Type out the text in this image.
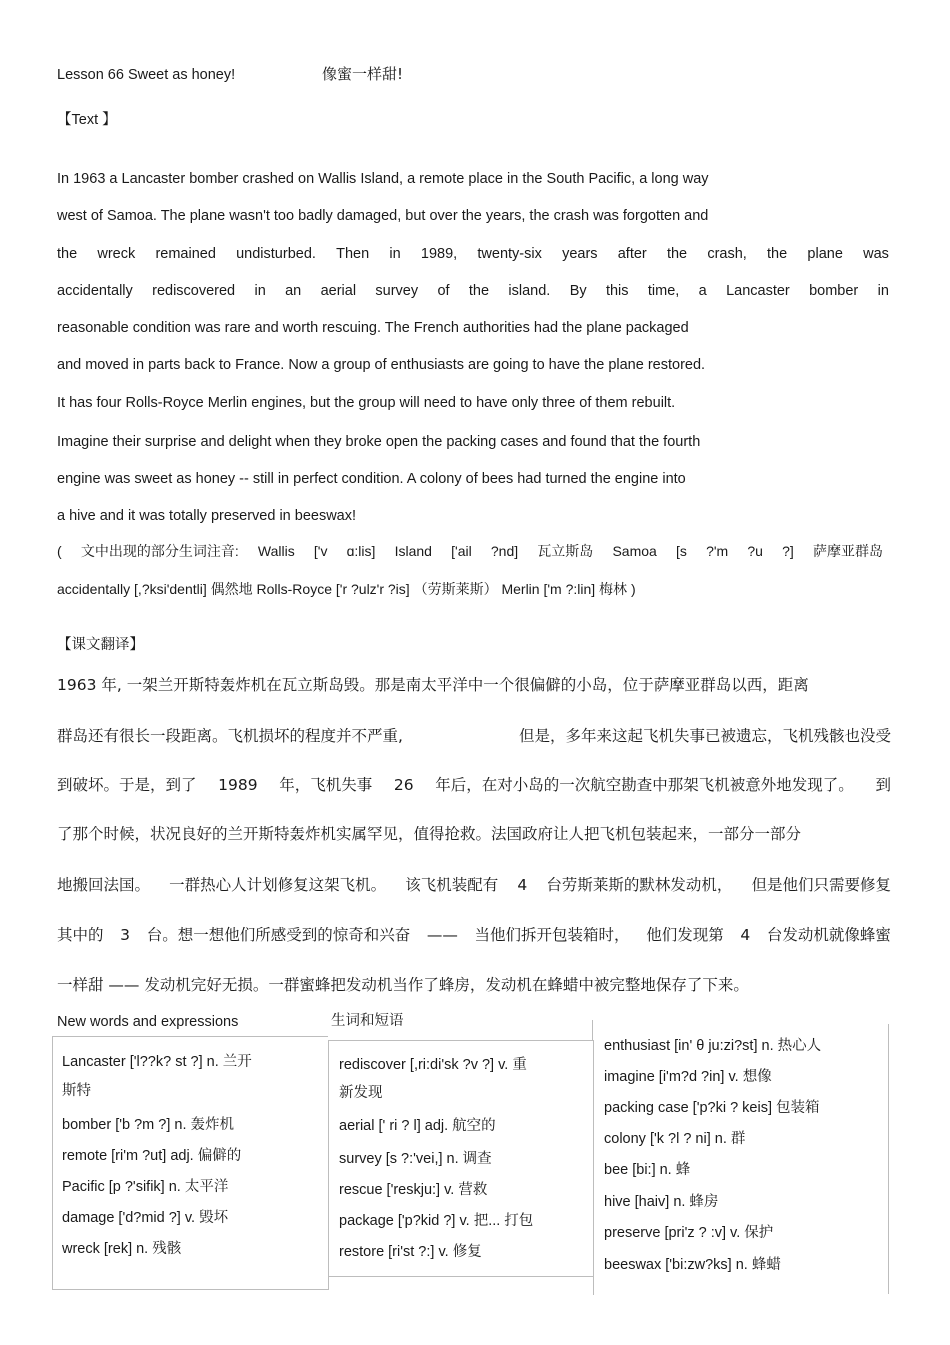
Lesson 66 Sweet as honey!	像蜜一样甜!
【Text 】
In 1963 a Lancaster bomber crashed on Wallis Island, a remote place in the South Pacific, a long way
west of Samoa. The plane wasn't too badly damaged, but over the years, the crash was forgotten and
the wreck remained undisturbed. Then in 1989, twenty-six years after the crash, the plane was
accidentally rediscovered in an aerial survey of the island. By this time, a Lancaster bomber in
reasonable condition was rare and worth rescuing. The French authorities had the plane packaged
and moved in parts back to France. Now a group of enthusiasts are going to have the plane restored.
It has four Rolls-Royce Merlin engines, but the group will need to have only three of them rebuilt.
Imagine their surprise and delight when they broke open the packing cases and found that the fourth
engine was sweet as honey -- still in perfect condition. A colony of bees had turned the engine into
a hive and it was totally preserved in beeswax!
( 文中出现的部分生词注音: Wallis ['v ɑ:lis] Island ['ail ?nd] 瓦立斯岛 Samoa [s ?'m ?u ?] 萨摩亚群岛
accidentally [,?ksi'dentli] 偶然地 Rolls-Royce ['r ?ulz'r ?is] （劳斯莱斯） Merlin ['m ?:lin] 梅林 )
【课文翻译】
1963 年, 一架兰开斯特轰炸机在瓦立斯岛毁。那是南太平洋中一个很偏僻的小岛，位于萨摩亚群岛以西，距离
群岛还有很长一段距离。飞机损坏的程度并不严重,	但是，多年来这起飞机失事已被遗忘，飞机残骸也没受
到破坏。于是，到了 1989 年，飞机失事 26 年后，在对小岛的一次航空勘查中那架飞机被意外地发现了。 到
了那个时候，状况良好的兰开斯特轰炸机实属罕见，值得抢救。法国政府让人把飞机包装起来，一部分一部分
地搬回法国。 一群热心人计划修复这架飞机。 该飞机装配有 4 台劳斯莱斯的默林发动机， 但是他们只需要修复
其中的 3 台。想一想他们所感受到的惊奇和兴奋 —— 当他们拆开包装箱时， 他们发现第 4 台发动机就像蜂蜜
一样甜 —— 发动机完好无损。一群蜜蜂把发动机当作了蜂房，发动机在蜂蜡中被完整地保存了下来。
New words and expressions	生词和短语
Lancaster ['l??k? st ?] n. 兰开
斯特
bomber ['b ?m ?] n. 轰炸机
remote [ri'm ?ut] adj. 偏僻的
Pacific [p ?'sifik] n. 太平洋
damage ['d?mid ?] v. 毁坏
wreck [rek] n. 残骸
rediscover [,ri:di'sk ?v ?] v. 重
新发现
aerial [' ri ? l] adj. 航空的
survey [s ?:'vei,] n. 调查
rescue ['reskju:] v. 营救
package ['p?kid ?] v. 把... 打包
restore [ri'st ?:] v. 修复
enthusiast [in' θ ju:zi?st] n. 热心人
imagine [i'm?d ?in] v. 想像
packing case ['p?ki ? keis] 包装箱
colony ['k ?l ? ni] n. 群
bee [bi:] n. 蜂
hive [haiv] n. 蜂房
preserve [pri'z ? :v] v. 保护
beeswax ['bi:zw?ks] n. 蜂蜡
